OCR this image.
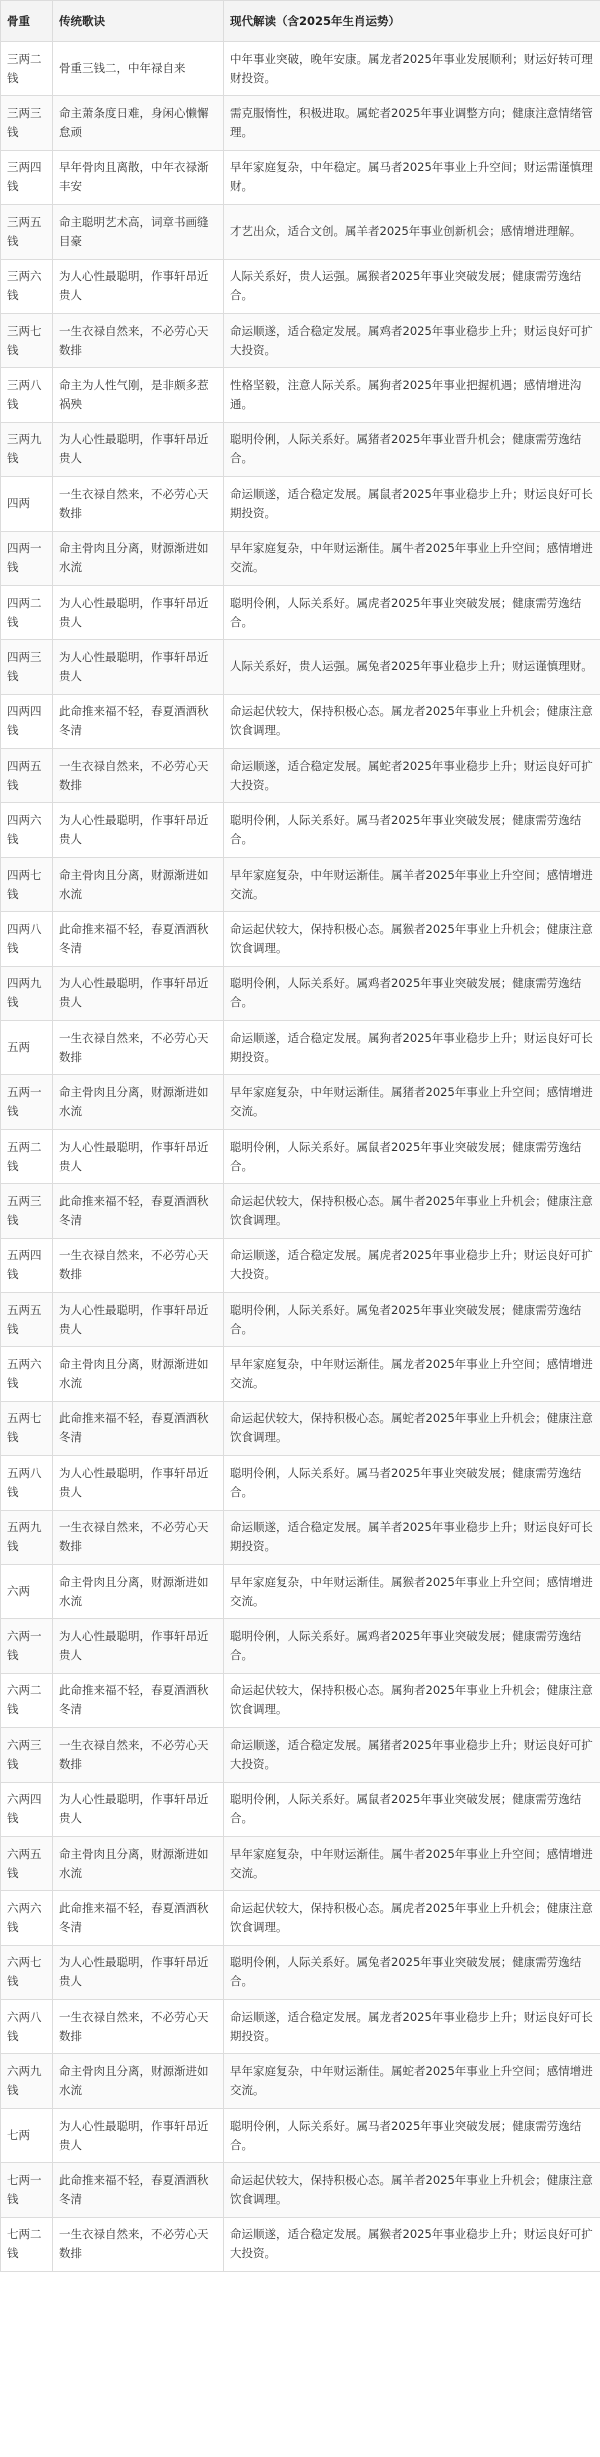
骨重	传统歌诀	现代解读（含2025年生肖运势）
三两二钱	骨重三钱二，中年禄自来	中年事业突破，晚年安康。属龙者2025年事业发展顺利；财运好转可理财投资。
三两三钱	命主萧条度日难，身闲心懒懈怠顽	需克服惰性，积极进取。属蛇者2025年事业调整方向；健康注意情绪管理。
三两四钱	早年骨肉且离散，中年衣禄渐丰安	早年家庭复杂，中年稳定。属马者2025年事业上升空间；财运需谨慎理财。
三两五钱	命主聪明艺术高，词章书画缝目豪	才艺出众，适合文创。属羊者2025年事业创新机会；感情增进理解。
三两六钱	为人心性最聪明，作事轩昂近贵人	人际关系好，贵人运强。属猴者2025年事业突破发展；健康需劳逸结合。
三两七钱	一生衣禄自然来，不必劳心天数排	命运顺遂，适合稳定发展。属鸡者2025年事业稳步上升；财运良好可扩大投资。
三两八钱	命主为人性气刚，是非颇多惹祸殃	性格坚毅，注意人际关系。属狗者2025年事业把握机遇；感情增进沟通。
三两九钱	为人心性最聪明，作事轩昂近贵人	聪明伶俐，人际关系好。属猪者2025年事业晋升机会；健康需劳逸结合。
四两	一生衣禄自然来，不必劳心天数排	命运顺遂，适合稳定发展。属鼠者2025年事业稳步上升；财运良好可长期投资。
四两一钱	命主骨肉且分离，财源渐进如水流	早年家庭复杂，中年财运渐佳。属牛者2025年事业上升空间；感情增进交流。
四两二钱	为人心性最聪明，作事轩昂近贵人	聪明伶俐，人际关系好。属虎者2025年事业突破发展；健康需劳逸结合。
四两三钱	为人心性最聪明，作事轩昂近贵人	人际关系好，贵人运强。属兔者2025年事业稳步上升；财运谨慎理财。
四两四钱	此命推来福不轻，春夏酒酒秋冬清	命运起伏较大，保持积极心态。属龙者2025年事业上升机会；健康注意饮食调理。
四两五钱	一生衣禄自然来，不必劳心天数排	命运顺遂，适合稳定发展。属蛇者2025年事业稳步上升；财运良好可扩大投资。
四两六钱	为人心性最聪明，作事轩昂近贵人	聪明伶俐，人际关系好。属马者2025年事业突破发展；健康需劳逸结合。
四两七钱	命主骨肉且分离，财源渐进如水流	早年家庭复杂，中年财运渐佳。属羊者2025年事业上升空间；感情增进交流。
四两八钱	此命推来福不轻，春夏酒酒秋冬清	命运起伏较大，保持积极心态。属猴者2025年事业上升机会；健康注意饮食调理。
四两九钱	为人心性最聪明，作事轩昂近贵人	聪明伶俐，人际关系好。属鸡者2025年事业突破发展；健康需劳逸结合。
五两	一生衣禄自然来，不必劳心天数排	命运顺遂，适合稳定发展。属狗者2025年事业稳步上升；财运良好可长期投资。
五两一钱	命主骨肉且分离，财源渐进如水流	早年家庭复杂，中年财运渐佳。属猪者2025年事业上升空间；感情增进交流。
五两二钱	为人心性最聪明，作事轩昂近贵人	聪明伶俐，人际关系好。属鼠者2025年事业突破发展；健康需劳逸结合。
五两三钱	此命推来福不轻，春夏酒酒秋冬清	命运起伏较大，保持积极心态。属牛者2025年事业上升机会；健康注意饮食调理。
五两四钱	一生衣禄自然来，不必劳心天数排	命运顺遂，适合稳定发展。属虎者2025年事业稳步上升；财运良好可扩大投资。
五两五钱	为人心性最聪明，作事轩昂近贵人	聪明伶俐，人际关系好。属兔者2025年事业突破发展；健康需劳逸结合。
五两六钱	命主骨肉且分离，财源渐进如水流	早年家庭复杂，中年财运渐佳。属龙者2025年事业上升空间；感情增进交流。
五两七钱	此命推来福不轻，春夏酒酒秋冬清	命运起伏较大，保持积极心态。属蛇者2025年事业上升机会；健康注意饮食调理。
五两八钱	为人心性最聪明，作事轩昂近贵人	聪明伶俐，人际关系好。属马者2025年事业突破发展；健康需劳逸结合。
五两九钱	一生衣禄自然来，不必劳心天数排	命运顺遂，适合稳定发展。属羊者2025年事业稳步上升；财运良好可长期投资。
六两	命主骨肉且分离，财源渐进如水流	早年家庭复杂，中年财运渐佳。属猴者2025年事业上升空间；感情增进交流。
六两一钱	为人心性最聪明，作事轩昂近贵人	聪明伶俐，人际关系好。属鸡者2025年事业突破发展；健康需劳逸结合。
六两二钱	此命推来福不轻，春夏酒酒秋冬清	命运起伏较大，保持积极心态。属狗者2025年事业上升机会；健康注意饮食调理。
六两三钱	一生衣禄自然来，不必劳心天数排	命运顺遂，适合稳定发展。属猪者2025年事业稳步上升；财运良好可扩大投资。
六两四钱	为人心性最聪明，作事轩昂近贵人	聪明伶俐，人际关系好。属鼠者2025年事业突破发展；健康需劳逸结合。
六两五钱	命主骨肉且分离，财源渐进如水流	早年家庭复杂，中年财运渐佳。属牛者2025年事业上升空间；感情增进交流。
六两六钱	此命推来福不轻，春夏酒酒秋冬清	命运起伏较大，保持积极心态。属虎者2025年事业上升机会；健康注意饮食调理。
六两七钱	为人心性最聪明，作事轩昂近贵人	聪明伶俐，人际关系好。属兔者2025年事业突破发展；健康需劳逸结合。
六两八钱	一生衣禄自然来，不必劳心天数排	命运顺遂，适合稳定发展。属龙者2025年事业稳步上升；财运良好可长期投资。
六两九钱	命主骨肉且分离，财源渐进如水流	早年家庭复杂，中年财运渐佳。属蛇者2025年事业上升空间；感情增进交流。
七两	为人心性最聪明，作事轩昂近贵人	聪明伶俐，人际关系好。属马者2025年事业突破发展；健康需劳逸结合。
七两一钱	此命推来福不轻，春夏酒酒秋冬清	命运起伏较大，保持积极心态。属羊者2025年事业上升机会；健康注意饮食调理。
七两二钱	一生衣禄自然来，不必劳心天数排	命运顺遂，适合稳定发展。属猴者2025年事业稳步上升；财运良好可扩大投资。
